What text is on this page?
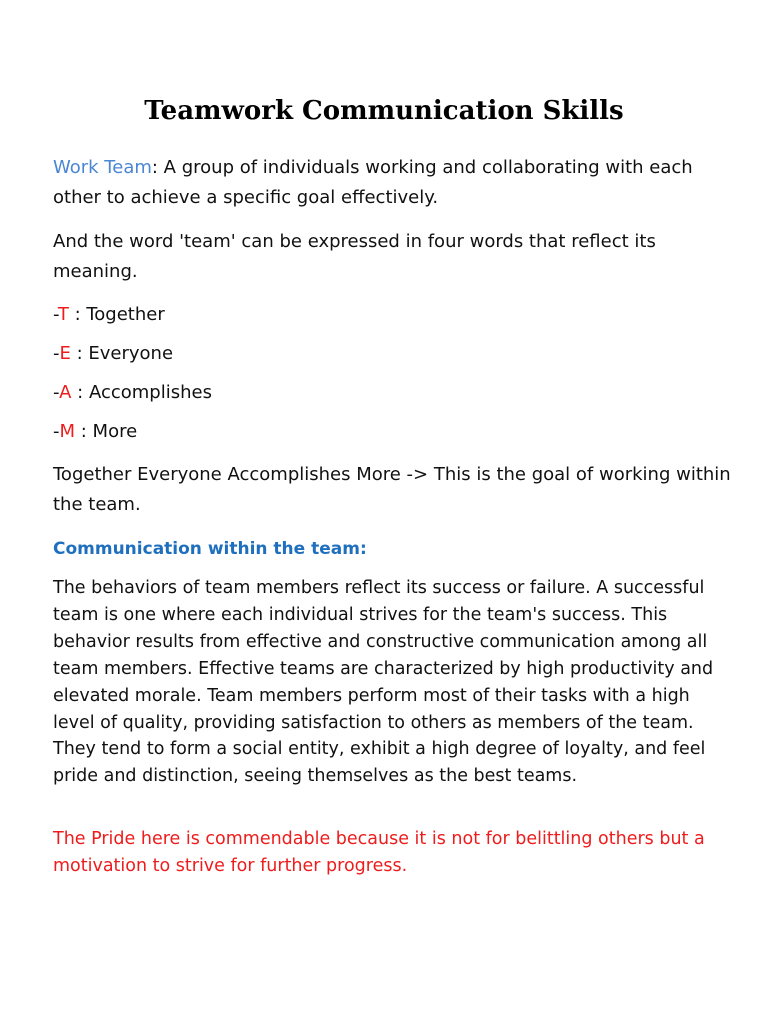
Teamwork Communication Skills

Work Team: A group of individuals working and collaborating with each other to achieve a specific goal effectively.

And the word 'team' can be expressed in four words that reflect its meaning.

-T : Together

-E : Everyone

-A : Accomplishes

-M : More

Together Everyone Accomplishes More -> This is the goal of working within the team.

Communication within the team:

The behaviors of team members reflect its success or failure. A successful team is one where each individual strives for the team's success. This behavior results from effective and constructive communication among all team members. Effective teams are characterized by high productivity and elevated morale. Team members perform most of their tasks with a high level of quality, providing satisfaction to others as members of the team. They tend to form a social entity, exhibit a high degree of loyalty, and feel pride and distinction, seeing themselves as the best teams.

The Pride here is commendable because it is not for belittling others but a motivation to strive for further progress.
